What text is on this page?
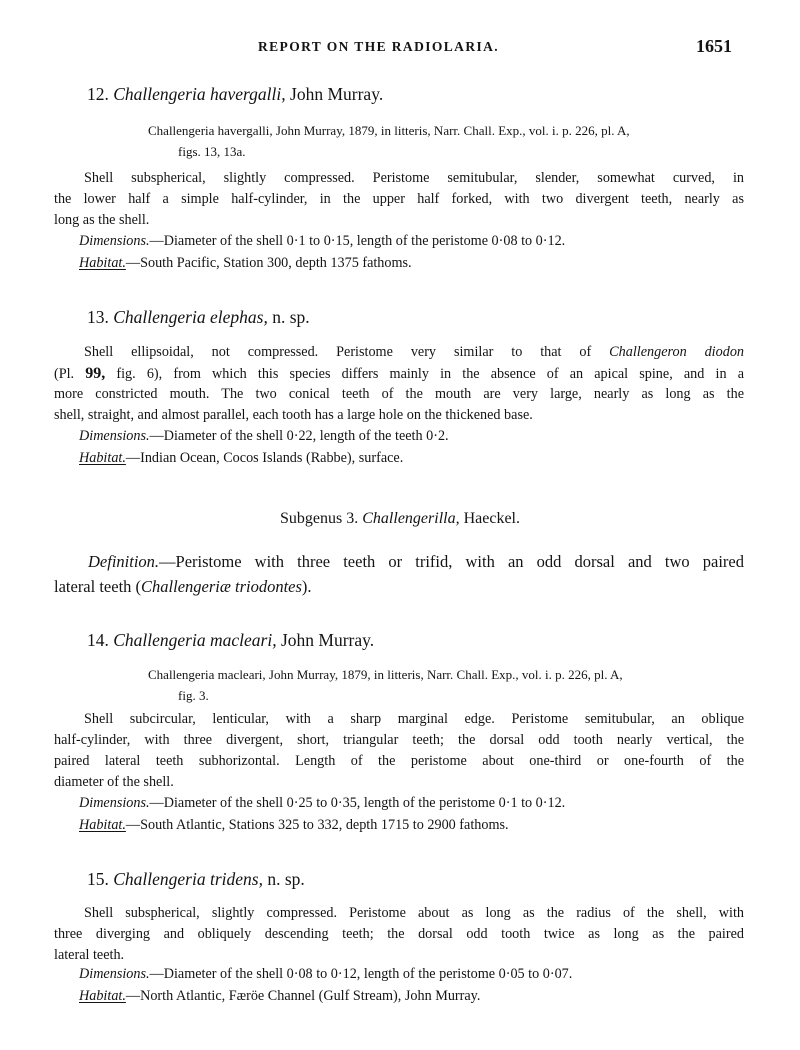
REPORT ON THE RADIOLARIA.	1651
12. Challengeria havergalli, John Murray.
Challengeria havergalli, John Murray, 1879, in litteris, Narr. Chall. Exp., vol. i. p. 226, pl. A,
figs. 13, 13a.
Shell subspherical, slightly compressed. Peristome semitubular, slender, somewhat curved, in
the lower half a simple half-cylinder, in the upper half forked, with two divergent teeth, nearly as
long as the shell.
Dimensions.—Diameter of the shell 0·1 to 0·15, length of the peristome 0·08 to 0·12.
Habitat.—South Pacific, Station 300, depth 1375 fathoms.
13. Challengeria elephas, n. sp.
Shell ellipsoidal, not compressed. Peristome very similar to that of Challengeron diodon
(Pl. 99, fig. 6), from which this species differs mainly in the absence of an apical spine, and in a
more constricted mouth. The two conical teeth of the mouth are very large, nearly as long as the
shell, straight, and almost parallel, each tooth has a large hole on the thickened base.
Dimensions.—Diameter of the shell 0·22, length of the teeth 0·2.
Habitat.—Indian Ocean, Cocos Islands (Rabbe), surface.
Subgenus 3. Challengerilla, Haeckel.
Definition.—Peristome with three teeth or trifid, with an odd dorsal and two paired
lateral teeth (Challengeriæ triodontes).
14. Challengeria macleari, John Murray.
Challengeria macleari, John Murray, 1879, in litteris, Narr. Chall. Exp., vol. i. p. 226, pl. A,
fig. 3.
Shell subcircular, lenticular, with a sharp marginal edge. Peristome semitubular, an oblique
half-cylinder, with three divergent, short, triangular teeth; the dorsal odd tooth nearly vertical, the
paired lateral teeth subhorizontal. Length of the peristome about one-third or one-fourth of the
diameter of the shell.
Dimensions.—Diameter of the shell 0·25 to 0·35, length of the peristome 0·1 to 0·12.
Habitat.—South Atlantic, Stations 325 to 332, depth 1715 to 2900 fathoms.
15. Challengeria tridens, n. sp.
Shell subspherical, slightly compressed. Peristome about as long as the radius of the shell, with
three diverging and obliquely descending teeth; the dorsal odd tooth twice as long as the paired
lateral teeth.
Dimensions.—Diameter of the shell 0·08 to 0·12, length of the peristome 0·05 to 0·07.
Habitat.—North Atlantic, Færöe Channel (Gulf Stream), John Murray.
